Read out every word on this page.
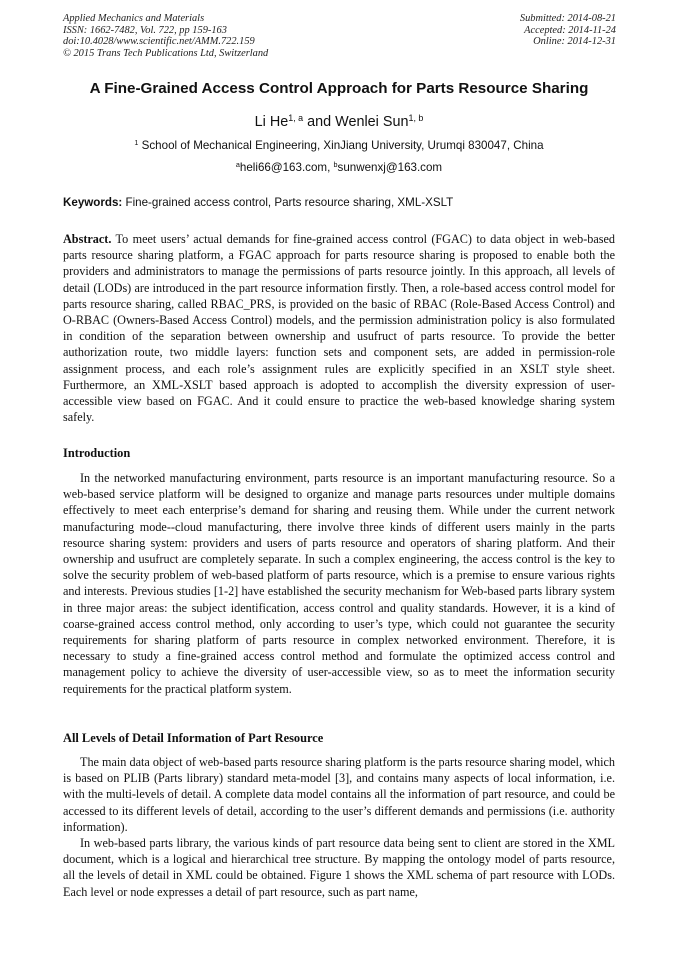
Applied Mechanics and Materials
ISSN: 1662-7482, Vol. 722, pp 159-163
doi:10.4028/www.scientific.net/AMM.722.159
© 2015 Trans Tech Publications Ltd, Switzerland
Submitted: 2014-08-21
Accepted: 2014-11-24
Online: 2014-12-31
A Fine-Grained Access Control Approach for Parts Resource Sharing
Li He$^{1, a}$ and Wenlei Sun$^{1, b}$
$^1$ School of Mechanical Engineering, XinJiang University, Urumqi 830047, China
$^a$heli66@163.com, $^b$sunwenxj@163.com
Keywords: Fine-grained access control, Parts resource sharing, XML-XSLT

Abstract. To meet users’ actual demands for fine-grained access control (FGAC) to data object in web-based parts resource sharing platform, a FGAC approach for parts resource sharing is proposed to enable both the providers and administrators to manage the permissions of parts resource jointly. In this approach, all levels of detail (LODs) are introduced in the part resource information firstly. Then, a role-based access control model for parts resource sharing, called RBAC_PRS, is provided on the basic of RBAC (Role-Based Access Control) and O-RBAC (Owners-Based Access Control) models, and the permission administration policy is also formulated in condition of the separation between ownership and usufruct of parts resource. To provide the better authorization route, two middle layers: function sets and component sets, are added in permission-role assignment process, and each role’s assignment rules are explicitly specified in an XSLT style sheet. Furthermore, an XML-XSLT based approach is adopted to accomplish the diversity expression of user-accessible view based on FGAC. And it could ensure to practice the web-based knowledge sharing system safely.

Introduction

In the networked manufacturing environment, parts resource is an important manufacturing resource. So a web-based service platform will be designed to organize and manage parts resources under multiple domains effectively to meet each enterprise’s demand for sharing and reusing them. While under the current network manufacturing mode--cloud manufacturing, there involve three kinds of different users mainly in the parts resource sharing system: providers and users of parts resource and operators of sharing platform. And their ownership and usufruct are completely separate. In such a complex engineering, the access control is the key to solve the security problem of web-based platform of parts resource, which is a premise to ensure various rights and interests. Previous studies [1-2] have established the security mechanism for Web-based parts library system in three major areas: the subject identification, access control and quality standards. However, it is a kind of coarse-grained access control method, only according to user’s type, which could not guarantee the security requirements for sharing platform of parts resource in complex networked environment. Therefore, it is necessary to study a fine-grained access control method and formulate the optimized access control and management policy to achieve the diversity of user-accessible view, so as to meet the information security requirements for the practical platform system.

All Levels of Detail Information of Part Resource

The main data object of web-based parts resource sharing platform is the parts resource sharing model, which is based on PLIB (Parts library) standard meta-model [3], and contains many aspects of local information, i.e. with the multi-levels of detail. A complete data model contains all the information of part resource, and could be accessed to its different levels of detail, according to the user’s different demands and permissions (i.e. authority information).

In web-based parts library, the various kinds of part resource data being sent to client are stored in the XML document, which is a logical and hierarchical tree structure. By mapping the ontology model of parts resource, all the levels of detail in XML could be obtained. Figure 1 shows the XML schema of part resource with LODs. Each level or node expresses a detail of part resource, such as part name,
